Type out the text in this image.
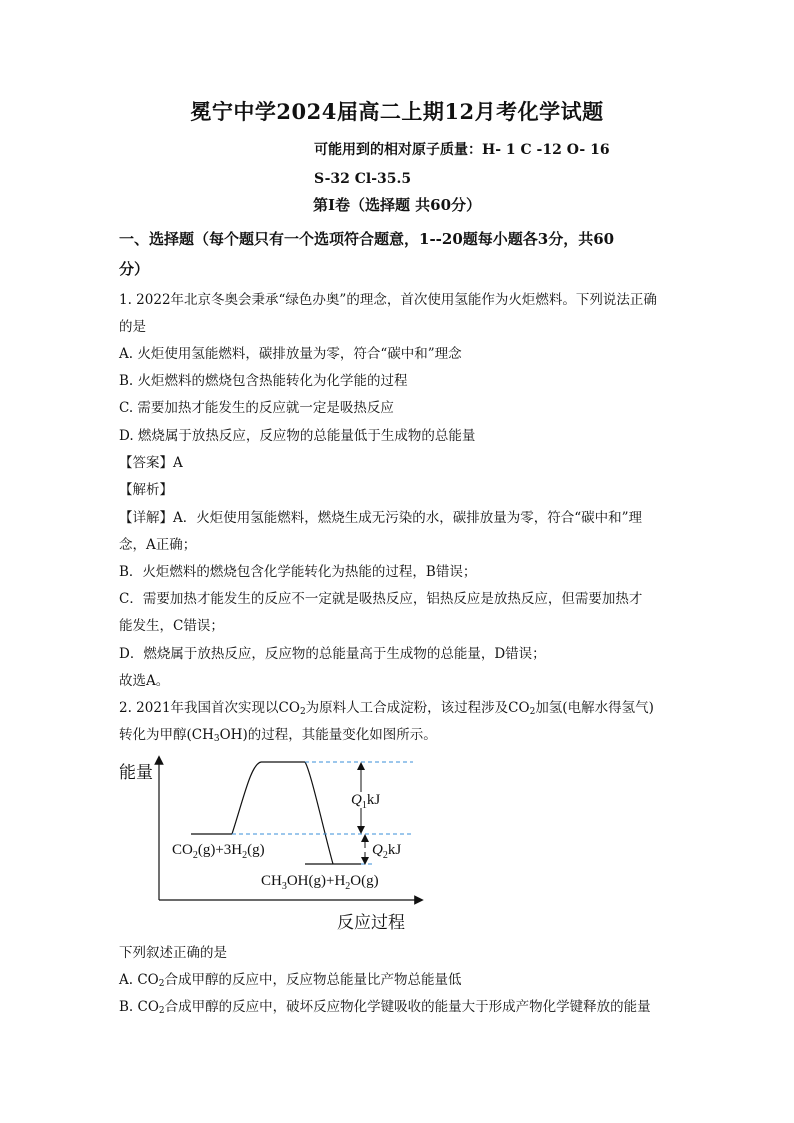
冕宁中学2024届高二上期12月考化学试题
可能用到的相对原子质量：H- 1 C -12 O- 16
S-32 Cl-35.5
第I卷（选择题 共60分）
一、选择题（每个题只有一个选项符合题意，1--20题每小题各3分，共60
分）
1. 2022年北京冬奥会秉承“绿色办奥”的理念，首次使用氢能作为火炬燃料。下列说法正确
的是
A. 火炬使用氢能燃料，碳排放量为零，符合“碳中和”理念
B. 火炬燃料的燃烧包含热能转化为化学能的过程
C. 需要加热才能发生的反应就一定是吸热反应
D. 燃烧属于放热反应，反应物的总能量低于生成物的总能量
【答案】A
【解析】
【详解】A．火炬使用氢能燃料，燃烧生成无污染的水，碳排放量为零，符合“碳中和”理
念，A正确；
B．火炬燃料的燃烧包含化学能转化为热能的过程，B错误；
C．需要加热才能发生的反应不一定就是吸热反应，铝热反应是放热反应，但需要加热才
能发生，C错误；
D．燃烧属于放热反应，反应物的总能量高于生成物的总能量，D错误；
故选A。
2. 2021年我国首次实现以$CO_2$为原料人工合成淀粉，该过程涉及$CO_2$加氢(电解水得氢气)
转化为甲醇$(CH_3OH)$的过程，其能量变化如图所示。
能量
反应过程
$Q_1kJ$
$Q_2kJ$
$CO_2(g)+3H_2(g)$
$CH_3OH(g)+H_2O(g)$
下列叙述正确的是
A. $CO_2$合成甲醇的反应中，反应物总能量比产物总能量低
B. $CO_2$合成甲醇的反应中，破坏反应物化学键吸收的能量大于形成产物化学键释放的能量
